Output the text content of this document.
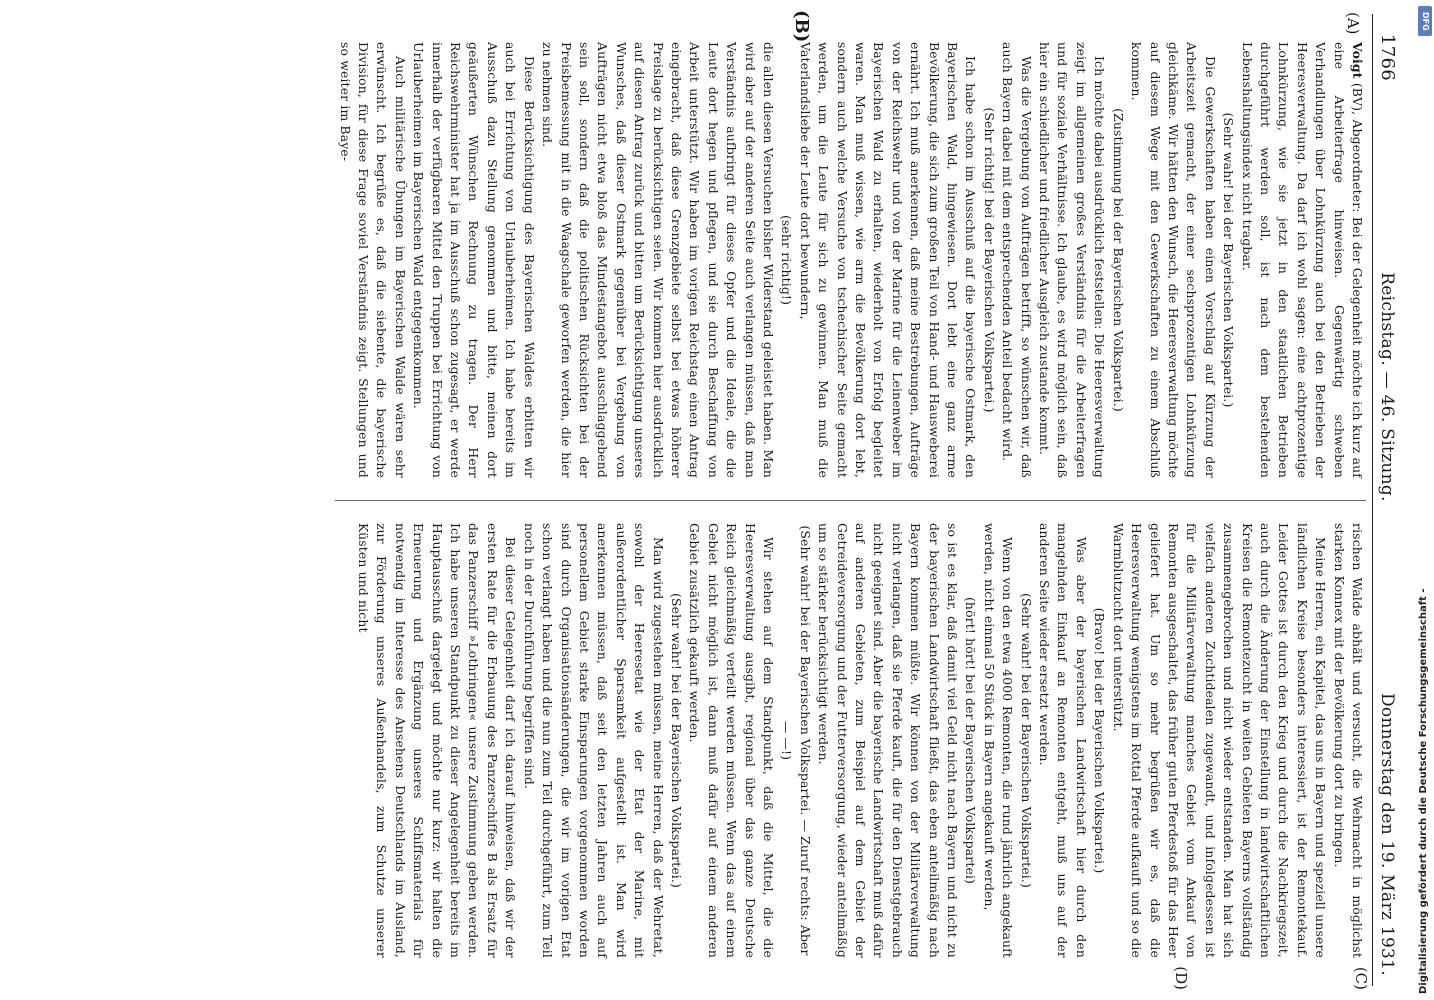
1766
Reichstag. — 46. Sitzung.
Donnerstag den 19. März 1931.
(A)
(B)
(C)
(D)

Voigt (BV), Abgeordneter: Bei der Gelegenheit möchte ich kurz auf eine Arbeiterfrage hinweisen. Gegenwärtig schweben Verhandlungen über Lohnkürzung auch bei den Betrieben der Heeresverwaltung. Da darf ich wohl sagen: eine achtprozentige Lohnkürzung, wie sie jetzt in den staatlichen Betrieben durchgeführt werden soll, ist nach dem bestehenden Lebenshaltungsindex nicht tragbar.

(Sehr wahr! bei der Bayerischen Volkspartei.)

Die Gewerkschaften haben einen Vorschlag auf Kürzung der Arbeitszeit gemacht, der einer sechsprozentigen Lohnkürzung gleichkäme. Wir hätten den Wunsch, die Heeresverwaltung möchte auf diesem Wege mit den Gewerkschaften zu einem Abschluß kommen.

(Zustimmung bei der Bayerischen Volkspartei.)

Ich möchte dabei ausdrücklich feststellen: Die Heeresverwaltung zeigt im allgemeinen großes Verständnis für die Arbeiterfragen und für soziale Verhältnisse. Ich glaube, es wird möglich sein, daß hier ein schiedlicher und friedlicher Ausgleich zustande kommt.

Was die Vergebung von Aufträgen betrifft, so wünschen wir, daß auch Bayern dabei mit dem entsprechenden Anteil bedacht wird.

(Sehr richtig! bei der Bayerischen Volkspartei.)

Ich habe schon im Ausschuß auf die bayerische Ostmark, den Bayerischen Wald, hingewiesen. Dort lebt eine ganz arme Bevölkerung, die sich zum großen Teil von Hand- und Hausweberei ernährt. Ich muß anerkennen, daß meine Bestrebungen, Aufträge von der Reichswehr und von der Marine für die Leinenweber im Bayerischen Wald zu erhalten, wiederholt von Erfolg begleitet waren. Man muß wissen, wie arm die Bevölkerung dort lebt, sondern auch welche Versuche von tschechischer Seite gemacht werden, um die Leute für sich zu gewinnen. Man muß die Vaterlandsliebe der Leute dort bewundern,

(sehr richtig!)

die allen diesen Versuchen bisher Widerstand geleistet haben. Man wird aber auf der anderen Seite auch verlangen müssen, daß man Verständnis aufbringt für dieses Opfer und die Ideale, die die Leute dort hegen und pflegen, und sie durch Beschaffung von Arbeit unterstützt. Wir haben im vorigen Reichstag einen Antrag eingebracht, daß diese Grenzgebiete selbst bei etwas höherer Preislage zu berücksichtigen seien. Wir kommen hier ausdrücklich auf diesen Antrag zurück und bitten um Berücksichtigung unseres Wunsches, daß dieser Ostmark gegenüber bei Vergebung von Aufträgen nicht etwa bloß das Mindestangebot ausschlaggebend sein soll, sondern daß die politischen Rücksichten bei der Preisbemessung mit in die Waagschale geworfen werden, die hier zu nehmen sind.

Diese Berücksichtigung des Bayerischen Waldes erbitten wir auch bei Errichtung von Urlauberheimen. Ich habe bereits im Ausschuß dazu Stellung genommen und bitte, meinen dort geäußerten Wünschen Rechnung zu tragen. Der Herr Reichswehrminister hat ja im Ausschuß schon zugesagt, er werde innerhalb der verfügbaren Mittel den Truppen bei Errichtung von Urlauberheimen im Bayerischen Wald entgegenkommen.

Auch militärische Übungen im Bayerischen Walde wären sehr erwünscht. Ich begrüße es, daß die siebente, die bayerische Division, für diese Frage soviel Verständnis zeigt. Stellungen und so weiter im Baye-

rischen Walde abhält und versucht, die Wehrmacht in möglichst starken Konnex mit der Bevölkerung dort zu bringen.

Meine Herren, ein Kapitel, das uns in Bayern und speziell unsere ländlichen Kreise besonders interessiert, ist der Remontekauf. Leider Gottes ist durch den Krieg und durch die Nachkriegszeit, auch durch die Änderung der Einstellung in landwirtschaftlichen Kreisen die Remontezucht in weiten Gebieten Bayerns vollständig zusammengebrochen und nicht wieder entstanden. Man hat sich vielfach anderen Zuchtidealen zugewandt, und infolgedessen ist für die Militärverwaltung manches Gebiet vom Ankauf von Remonten ausgeschaltet, das früher guten Pferdestoß für das Heer geliefert hat. Um so mehr begrüßen wir es, daß die Heeresverwaltung wenigstens im Rottal Pferde aufkauft und so die Warmblutzucht dort unterstützt.

(Bravo! bei der Bayerischen Volkspartei.)

Was aber der bayerischen Landwirtschaft hier durch den mangelnden Einkauf an Remonten entgeht, muß uns auf der anderen Seite wieder ersetzt werden.

(Sehr wahr! bei der Bayerischen Volkspartei.)

Wenn von den etwa 4000 Remonten, die rund jährlich angekauft werden, nicht einmal 50 Stück in Bayern angekauft werden,

(hört! hört! bei der Bayerischen Volkspartei)

so ist es klar, daß damit viel Geld nicht nach Bayern und nicht zu der bayerischen Landwirtschaft fließt, das eben anteilmäßig nach Bayern kommen müßte. Wir können von der Militärverwaltung nicht verlangen, daß sie Pferde kauft, die für den Dienstgebrauch nicht geeignet sind. Aber die bayerische Landwirtschaft muß dafür auf anderen Gebieten, zum Beispiel auf dem Gebiet der Getreideversorgung und der Futterversorgung, wieder anteilmäßig um so stärker berücksichtigt werden.

(Sehr wahr! bei der Bayerischen Volkspartei. — Zuruf rechts: Aber — —!)

Wir stehen auf dem Standpunkt, daß die Mittel, die die Heeresverwaltung ausgibt, regional über das ganze Deutsche Reich gleichmäßig verteilt werden müssen. Wenn das auf einem Gebiet nicht möglich ist, dann muß dafür auf einem anderen Gebiet zusätzlich gekauft werden.

(Sehr wahr! bei der Bayerischen Volkspartei.)

Man wird zugestehen müssen, meine Herren, daß der Wehretat, sowohl der Heeresetat wie der Etat der Marine, mit außerordentlicher Sparsamkeit aufgestellt ist. Man wird anerkennen müssen, daß seit den letzten Jahren auch auf personellem Gebiet starke Einsparungen vorgenommen worden sind durch Organisationsänderungen, die wir im vorigen Etat schon verlangt haben und die nun zum Teil durchgeführt, zum Teil noch in der Durchführung begriffen sind.

Bei dieser Gelegenheit darf ich darauf hinweisen, daß wir der ersten Rate für die Erbauung des Panzerschiffes B als Ersatz für das Panzerschiff »Lothringen« unsere Zustimmung geben werden. Ich habe unseren Standpunkt zu dieser Angelegenheit bereits im Hauptausschuß dargelegt und möchte nur kurz: wir halten die Erneuerung und Ergänzung unseres Schiffsmaterials für notwendig im Interesse des Ansehens Deutschlands im Ausland, zur Förderung unseres Außenhandels, zum Schutze unserer Küsten und nicht

DFG
Digitalisierung gefördert durch die Deutsche Forschungsgemeinschaft -
